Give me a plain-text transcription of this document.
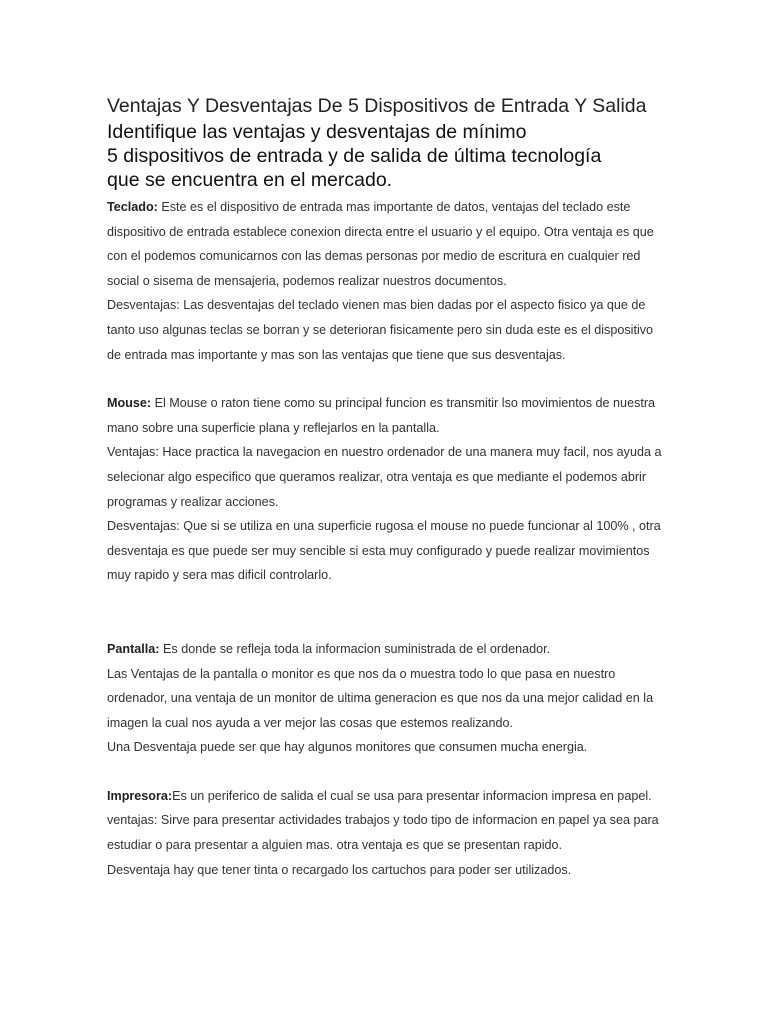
Ventajas Y Desventajas De 5 Dispositivos de Entrada Y Salida
Identifique las ventajas y desventajas de mínimo
5 dispositivos de entrada y de salida de última tecnología
que se encuentra en el mercado.

Teclado: Este es el dispositivo de entrada mas importante de datos, ventajas del teclado este

dispositivo de entrada establece conexion directa entre el usuario y el equipo. Otra ventaja es que

con el podemos comunicarnos con las demas personas por medio de escritura en cualquier red

social o sisema de mensajeria, podemos realizar nuestros documentos.

Desventajas: Las desventajas del teclado vienen mas bien dadas por el aspecto fisico ya que de

tanto uso algunas teclas se borran y se deterioran fisicamente pero sin duda este es el dispositivo

de entrada mas importante y mas son las ventajas que tiene que sus desventajas.

Mouse: El Mouse o raton tiene como su principal funcion es transmitir lso movimientos de nuestra

mano sobre una superficie plana y reflejarlos en la pantalla.

Ventajas: Hace practica la navegacion en nuestro ordenador de una manera muy facil, nos ayuda a

selecionar algo especifico que queramos realizar, otra ventaja es que mediante el podemos abrir

programas y realizar acciones.

Desventajas: Que si se utiliza en una superficie rugosa el mouse no puede funcionar al 100% , otra

desventaja es que puede ser muy sencible si esta muy configurado y puede realizar movimientos

muy rapido y sera mas dificil controlarlo.

Pantalla: Es donde se refleja toda la informacion suministrada de el ordenador.

Las Ventajas de la pantalla o monitor es que nos da o muestra todo lo que pasa en nuestro

ordenador, una ventaja de un monitor de ultima generacion es que nos da una mejor calidad en la

imagen la cual nos ayuda a ver mejor las cosas que estemos realizando.

Una Desventaja puede ser que hay algunos monitores que consumen mucha energia.

Impresora:Es un periferico de salida el cual se usa para presentar informacion impresa en papel.

ventajas: Sirve para presentar actividades trabajos y todo tipo de informacion en papel ya sea para

estudiar o para presentar a alguien mas. otra ventaja es que se presentan rapido.

Desventaja hay que tener tinta o recargado los cartuchos para poder ser utilizados.
